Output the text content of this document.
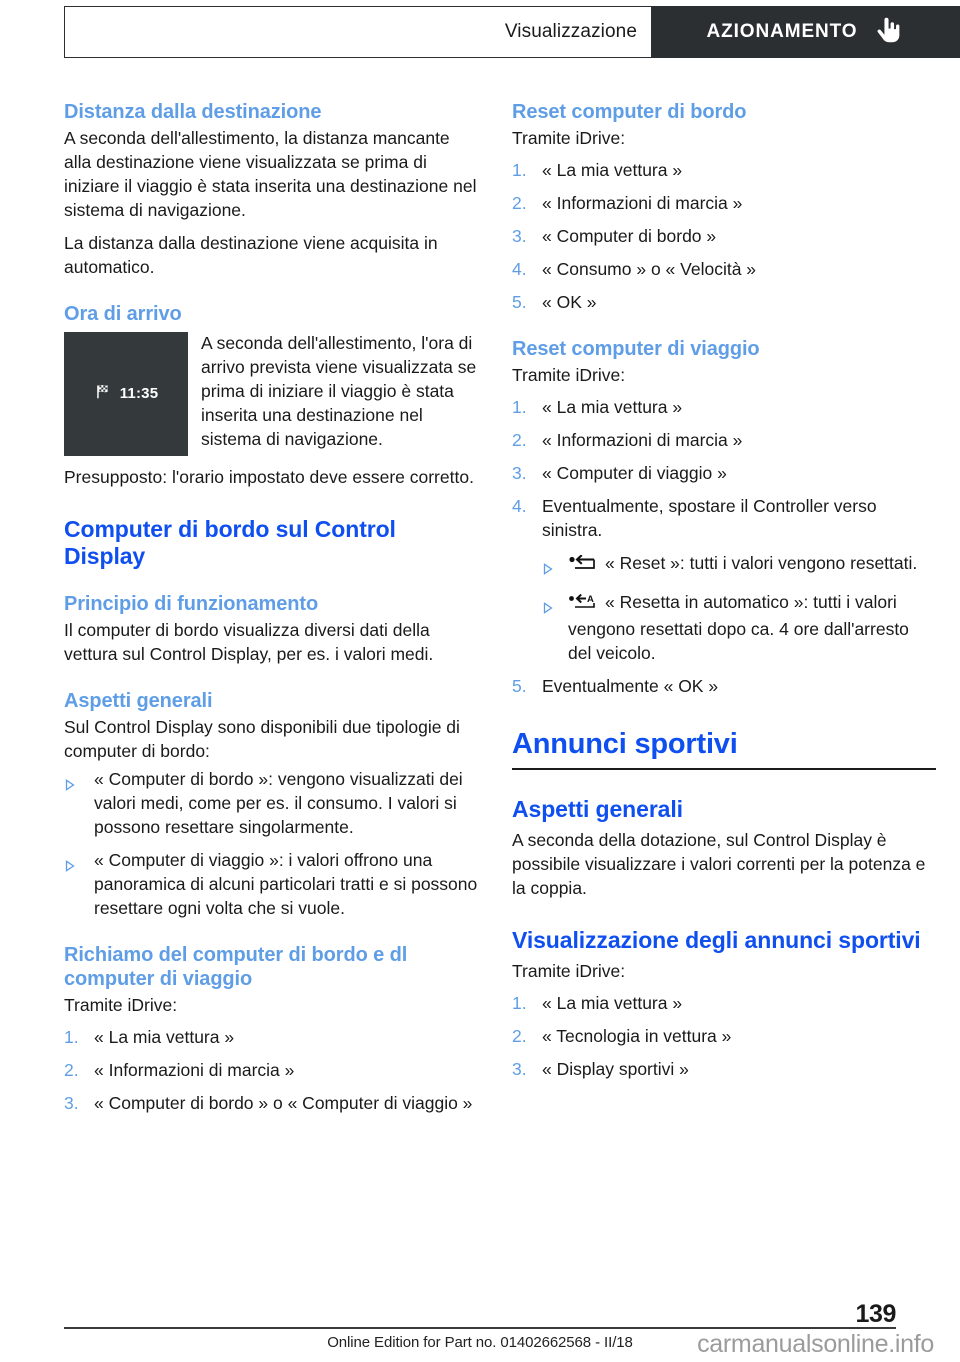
Visualizzazione	AZIONAMENTO
Distanza dalla destinazione

A seconda dell'allestimento, la distanza mancante alla destinazione viene visualizzata se prima di iniziare il viaggio è stata inserita una destinazione nel sistema di navigazione.

La distanza dalla destinazione viene acquisita in automatico.

Ora di arrivo
11:35
A seconda dell'allestimento, l'ora di arrivo prevista viene visualizzata se prima di iniziare il viaggio è stata inserita una destinazione nel sistema di navigazione.

Presupposto: l'orario impostato deve essere corretto.

Computer di bordo sul Control Display
Principio di funzionamento

Il computer di bordo visualizza diversi dati della vettura sul Control Display, per es. i valori medi.

Aspetti generali

Sul Control Display sono disponibili due tipologie di computer di bordo:

« Computer di bordo »: vengono visualizzati dei valori medi, come per es. il consumo. I valori si possono resettare singolarmente.
« Computer di viaggio »: i valori offrono una panoramica di alcuni particolari tratti e si possono resettare ogni volta che si vuole.
Richiamo del computer di bordo e dl computer di viaggio

Tramite iDrive:

1. « La mia vettura »
2. « Informazioni di marcia »
3. « Computer di bordo » o « Computer di viaggio »
Reset computer di bordo

Tramite iDrive:

1. « La mia vettura »
2. « Informazioni di marcia »
3. « Computer di bordo »
4. « Consumo » o « Velocità »
5. « OK »
Reset computer di viaggio

Tramite iDrive:

1. « La mia vettura »
2. « Informazioni di marcia »
3. « Computer di viaggio »
4. Eventualmente, spostare il Controller verso sinistra.
« Reset »: tutti i valori vengono resettati.
A « Resetta in automatico »: tutti i valori vengono resettati dopo ca. 4 ore dall'arresto del veicolo.
5. Eventualmente « OK »
Annunci sportivi
Aspetti generali

A seconda della dotazione, sul Control Display è possibile visualizzare i valori correnti per la potenza e la coppia.

Visualizzazione degli annunci sportivi

Tramite iDrive:

1. « La mia vettura »
2. « Tecnologia in vettura »
3. « Display sportivi »
139
Online Edition for Part no. 01402662568 - II/18	carmanualsonline.info
